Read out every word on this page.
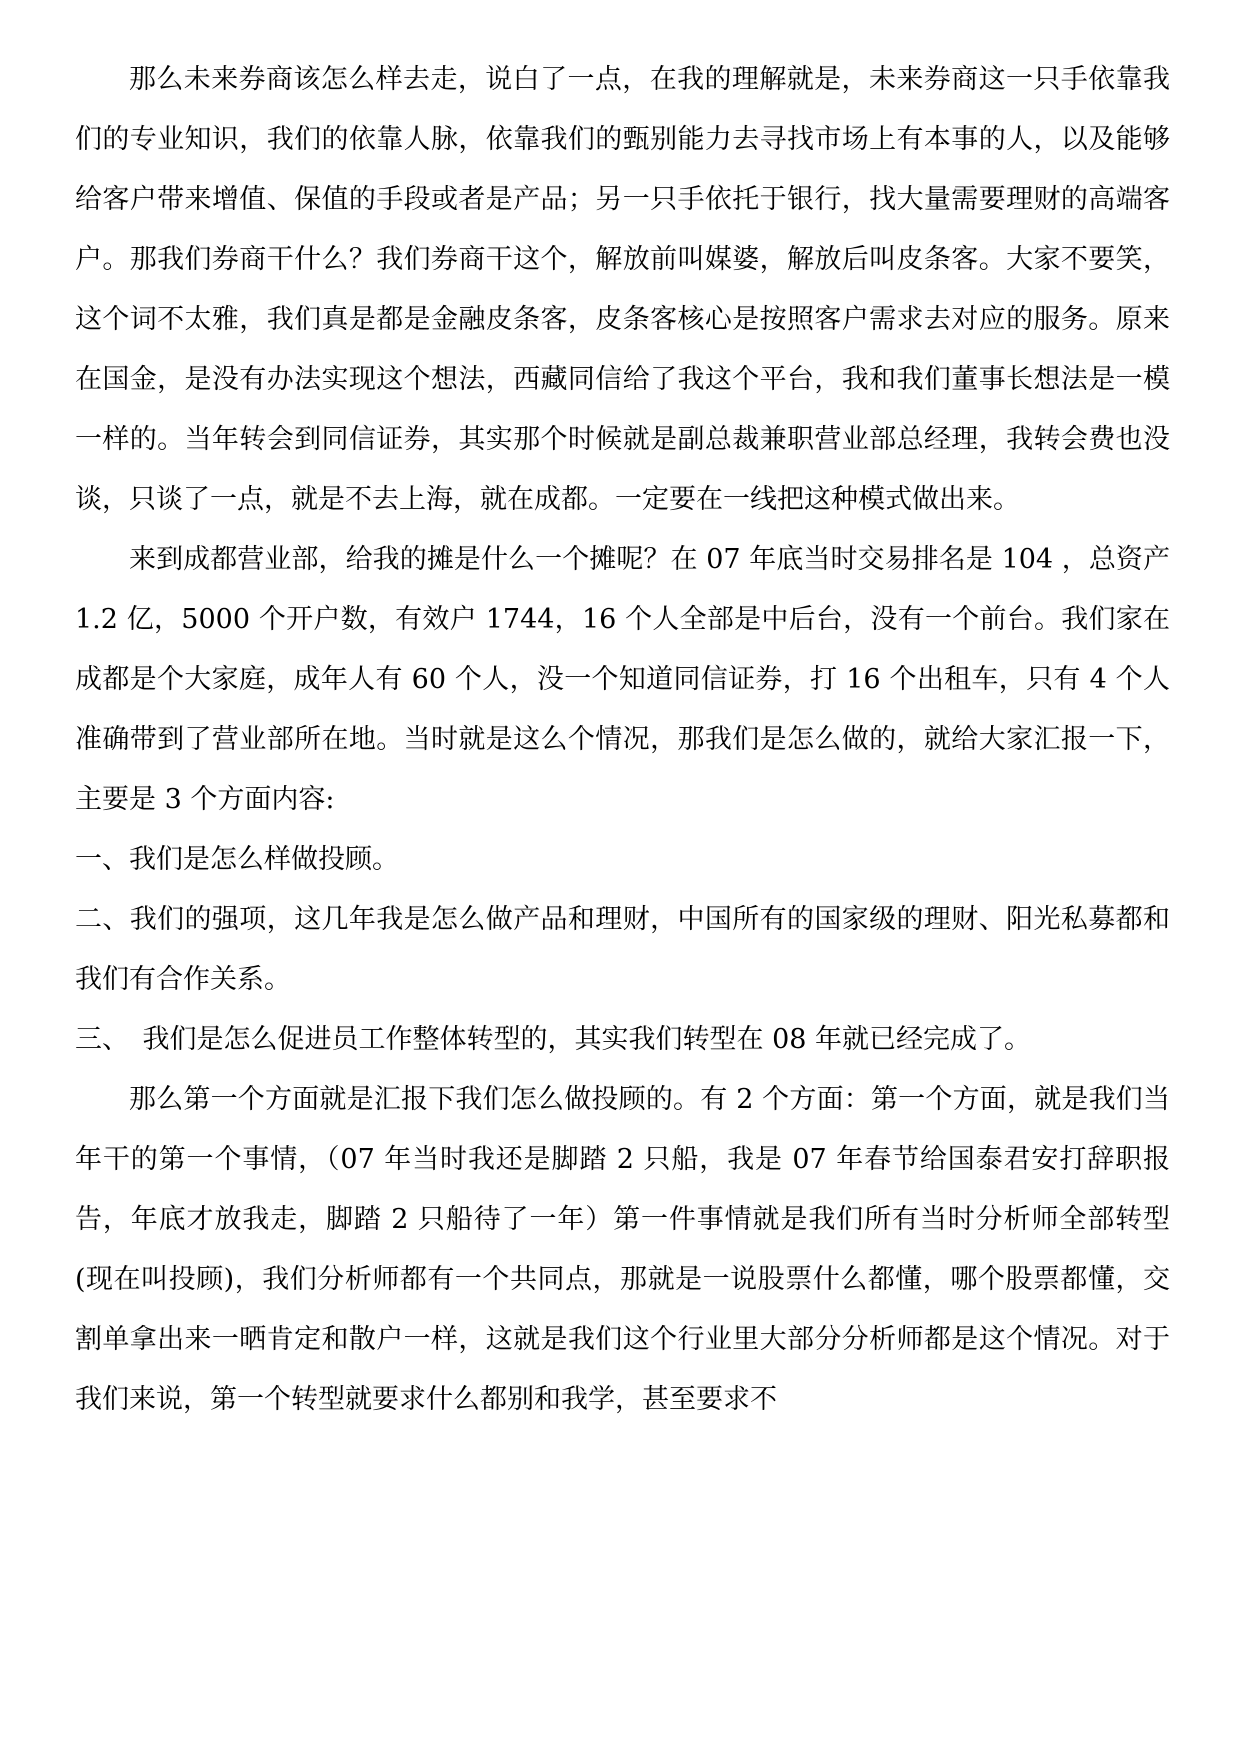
那么未来券商该怎么样去走，说白了一点，在我的理解就是，未来券商这一只手依靠我们的专业知识，我们的依靠人脉，依靠我们的甄别能力去寻找市场上有本事的人，以及能够给客户带来增值、保值的手段或者是产品；另一只手依托于银行，找大量需要理财的高端客户。那我们券商干什么？我们券商干这个，解放前叫媒婆，解放后叫皮条客。大家不要笑，这个词不太雅，我们真是都是金融皮条客，皮条客核心是按照客户需求去对应的服务。原来在国金，是没有办法实现这个想法，西藏同信给了我这个平台，我和我们董事长想法是一模一样的。当年转会到同信证券，其实那个时候就是副总裁兼职营业部总经理，我转会费也没谈，只谈了一点，就是不去上海，就在成都。一定要在一线把这种模式做出来。

来到成都营业部，给我的摊是什么一个摊呢？在 07 年底当时交易排名是 104 ，总资产 1.2 亿，5000 个开户数，有效户 1744，16 个人全部是中后台，没有一个前台。我们家在成都是个大家庭，成年人有 60 个人，没一个知道同信证券，打 16 个出租车，只有 4 个人准确带到了营业部所在地。当时就是这么个情况，那我们是怎么做的，就给大家汇报一下，主要是 3 个方面内容:

一、我们是怎么样做投顾。

二、我们的强项，这几年我是怎么做产品和理财，中国所有的国家级的理财、阳光私募都和我们有合作关系。

三、　我们是怎么促进员工作整体转型的，其实我们转型在 08 年就已经完成了。

那么第一个方面就是汇报下我们怎么做投顾的。有 2 个方面：第一个方面，就是我们当年干的第一个事情，（07 年当时我还是脚踏 2 只船，我是 07 年春节给国泰君安打辞职报告，年底才放我走，脚踏 2 只船待了一年）第一件事情就是我们所有当时分析师全部转型(现在叫投顾)，我们分析师都有一个共同点，那就是一说股票什么都懂，哪个股票都懂，交割单拿出来一晒肯定和散户一样，这就是我们这个行业里大部分分析师都是这个情况。对于我们来说，第一个转型就要求什么都别和我学，甚至要求不
